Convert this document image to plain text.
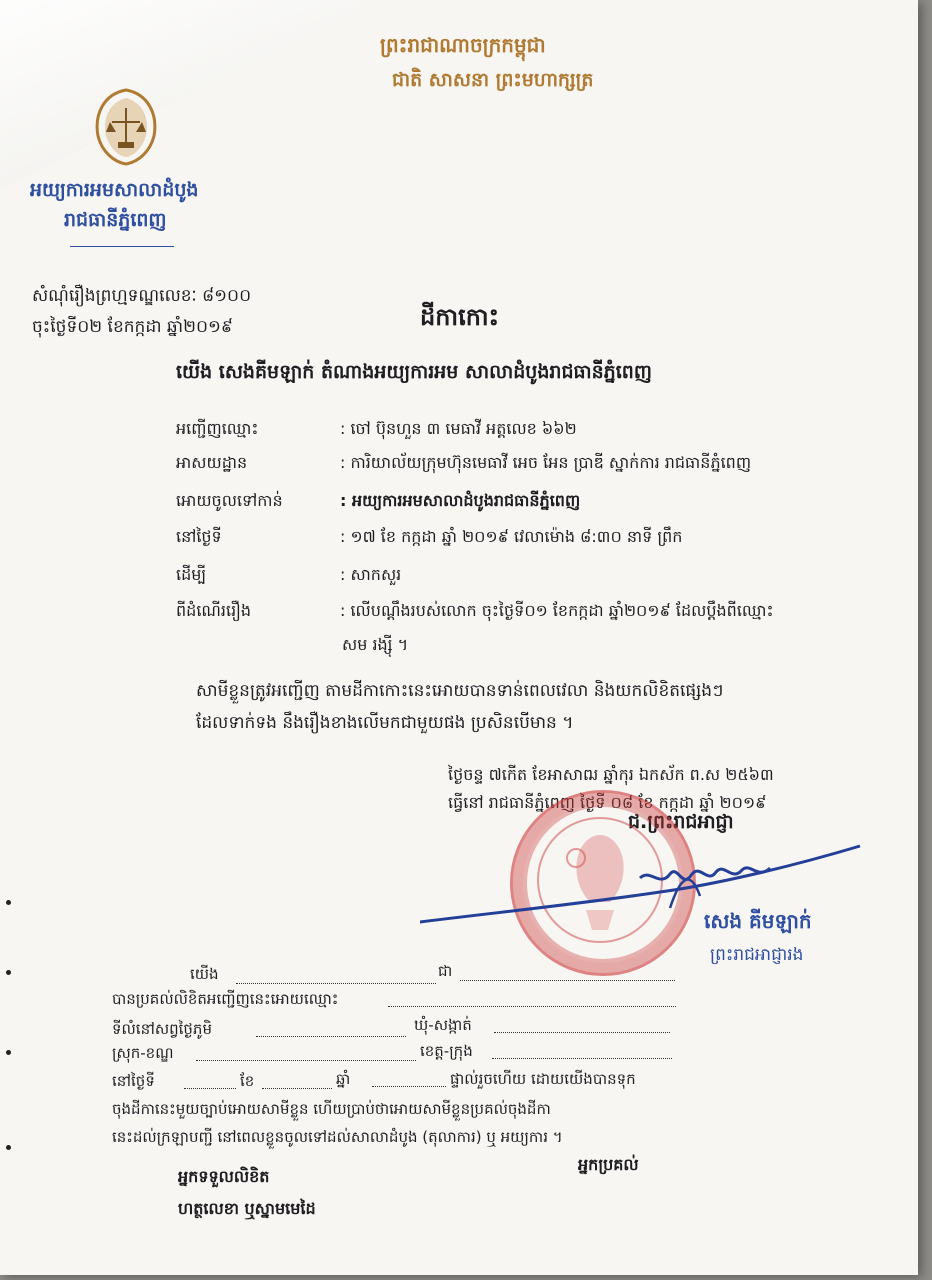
ព្រះរាជាណាចក្រកម្ពុជា
ជាតិ សាសនា ព្រះមហាក្សត្រ
អយ្យការអមសាលាដំបូង
រាជធានីភ្នំពេញ
សំណុំរឿងព្រហ្មទណ្ឌលេខៈ ៨១០០
ចុះថ្ងៃទី០២ ខែកក្កដា ឆ្នាំ២០១៩	ដីកាកោះ
យើង សេងគីមឡាក់ តំណាងអយ្យការអម សាលាដំបូងរាជធានីភ្នំពេញ
អញ្ជើញឈ្មោះ	: ចៅ ប៊ុនហួន ៣ មេធាវី អត្តលេខ ៦៦២
អាសយដ្ឋាន	: ការិយាល័យក្រុមហ៊ុនមេធាវី អេច អែន ប្រាឌី ស្នាក់ការ រាជធានីភ្នំពេញ
អោយចូលទៅកាន់	: អយ្យការអមសាលាដំបូងរាជធានីភ្នំពេញ
នៅថ្ងៃទី	: ១៧ ខែ កក្កដា ឆ្នាំ ២០១៩ វេលាម៉ោង ៨:៣០ នាទី ព្រឹក
ដើម្បី	: សាកសួរ
ពីដំណើររឿង	: លើបណ្ដឹងរបស់លោក ចុះថ្ងៃទី០១ ខែកក្កដា ឆ្នាំ២០១៩ ដែលប្ដឹងពីឈ្មោះ
សម រង្ស៊ី ។
សាមីខ្លួនត្រូវអញ្ជើញ តាមដីកាកោះនេះអោយបានទាន់ពេលវេលា និងយកលិខិតផ្សេងៗ
ដែលទាក់ទង នឹងរឿងខាងលើមកជាមួយផង ប្រសិនបើមាន ។
ថ្ងៃចន្ទ ៧កើត ខែអាសាឍ ឆ្នាំកុរ ឯកស័ក ព.ស ២៥៦៣
ធ្វើនៅ រាជធានីភ្នំពេញ ថ្ងៃទី ០៨ ខែ កក្កដា ឆ្នាំ ២០១៩
ជ.ព្រះរាជអាជ្ញា
សេង គីមឡាក់
ព្រះរាជអាជ្ញារង
យើង	ជា
បានប្រគល់លិខិតអញ្ជើញនេះអោយឈ្មោះ
ទីលំនៅសព្វថ្ងៃភូមិ	ឃុំ-សង្កាត់
ស្រុក-ខណ្ឌ	ខេត្ត-ក្រុង
នៅថ្ងៃទី	ខែ	ឆ្នាំ	ផ្ទាល់រួចហើយ ដោយយើងបានទុក
ចុងដីកានេះមួយច្បាប់អោយសាមីខ្លួន ហើយប្រាប់ថាអោយសាមីខ្លួនប្រគល់ចុងដីកា
នេះដល់ក្រឡាបញ្ជី នៅពេលខ្លួនចូលទៅដល់សាលាដំបូង (តុលាការ) ឬ អយ្យការ ។
អ្នកទទួលលិខិត
អ្នកប្រគល់
ហត្ថលេខា ឬស្នាមមេដៃ
